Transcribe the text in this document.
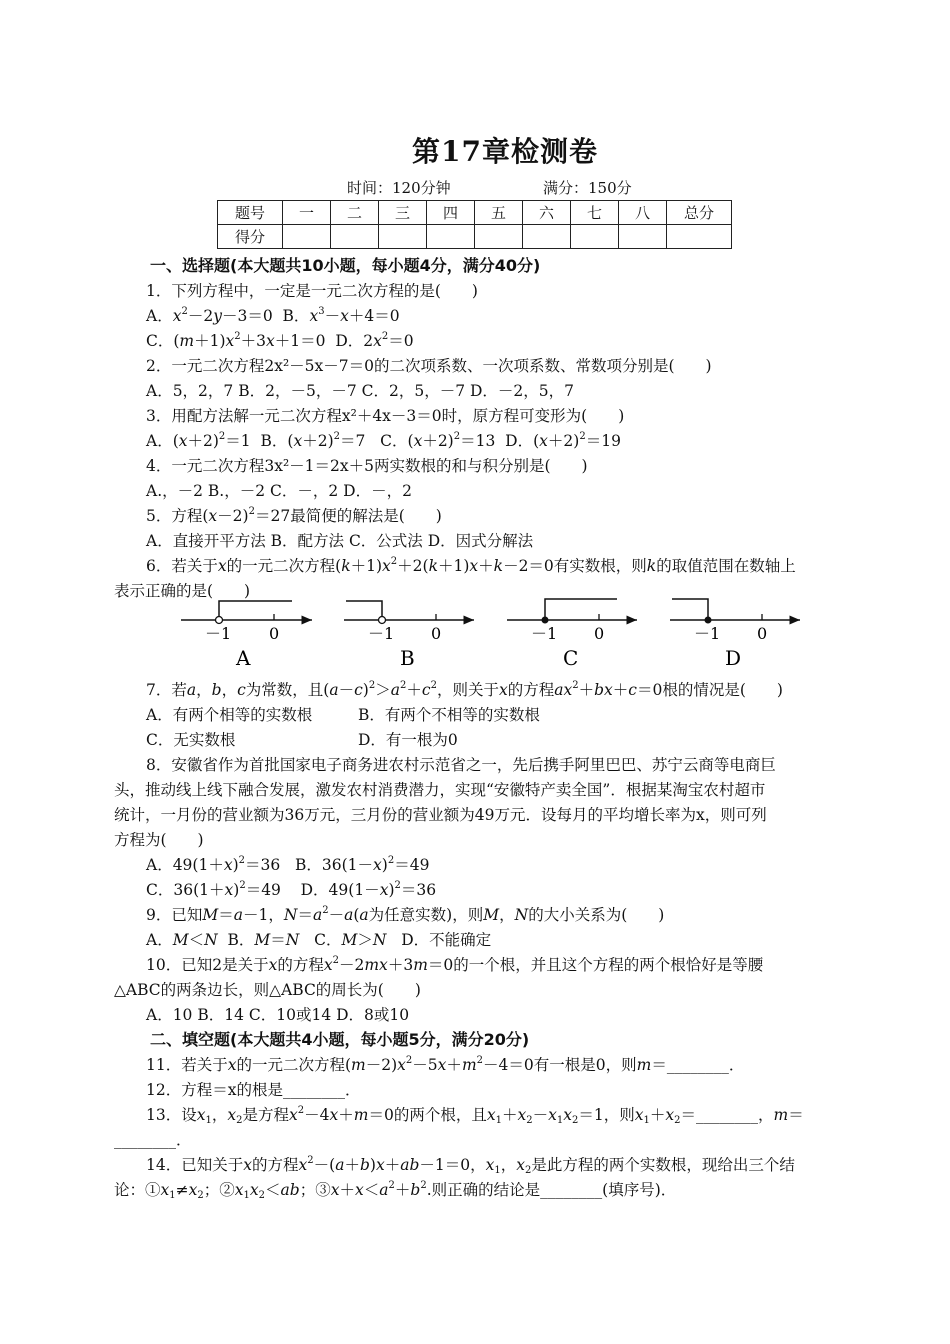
第17章检测卷
时间：120分钟	满分：150分
题号	一	二	三	四	五	六	七	八	总分
得分									
一、选择题(本大题共10小题，每小题4分，满分40分)
1．下列方程中，一定是一元二次方程的是(　　)
A．$x^2-2y-3=0$  B．$x^3-x+4=0$
C．$(m+1)x^2+3x+1=0$  D．$2x^2=0$
2．一元二次方程2x²－5x－7＝0的二次项系数、一次项系数、常数项分别是(　　)
A．5，2，7 B．2，－5，－7 C．2，5，－7 D．－2，5，7
3．用配方法解一元二次方程x²＋4x－3＝0时，原方程可变形为(　　)
A．$(x+2)^2=1$  B．$(x+2)^2=7$   C．$(x+2)^2=13$  D．$(x+2)^2=19$
4．一元二次方程3x²－1＝2x＋5两实数根的和与积分别是(　　)
A.，－2 B.，－2 C．－，2 D．－，2
5．方程$(x-2)^2=27$最简便的解法是(　　)
A．直接开平方法 B．配方法 C．公式法 D．因式分解法
6．若关于x的一元二次方程$(k+1)x^2+2(k+1)x+k-2=0$有实数根，则k的取值范围在数轴上
表示正确的是(　　)
－1 0
A
－1 0
B
－1 0
C
－1 0
D
7．若a，b，c为常数，且$(a-c)^2>a^2+c^2$，则关于x的方程$ax^2+bx+c=0$根的情况是(　　)
A．有两个相等的实数根	B．有两个不相等的实数根
C．无实数根	D．有一根为0
8．安徽省作为首批国家电子商务进农村示范省之一，先后携手阿里巴巴、苏宁云商等电商巨
头，推动线上线下融合发展，激发农村消费潜力，实现“安徽特产卖全国”．根据某淘宝农村超市
统计，一月份的营业额为36万元，三月份的营业额为49万元．设每月的平均增长率为x，则可列
方程为(　　)
A．$49(1+x)^2=36$   B．$36(1-x)^2=49$
C．$36(1+x)^2=49$    D．$49(1-x)^2=36$
9．已知M＝a－1，$N=a^2-a(a$为任意实数)，则M，N的大小关系为(　　)
A．M＜N  B．M＝N   C．M＞N   D．不能确定
10．已知2是关于x的方程$x^2-2mx+3m=0$的一个根，并且这个方程的两个根恰好是等腰
△ABC的两条边长，则△ABC的周长为(　　)
A．10 B．14 C．10或14 D．8或10
二、填空题(本大题共4小题，每小题5分，满分20分)
11．若关于x的一元二次方程$(m-2)x^2-5x+m^2-4=0$有一根是0，则m＝________．
12．方程＝x的根是________．
13．设$x_1$，$x_2$是方程$x^2-4x+m=0$的两个根，且$x_1+x_2-x_1x_2=1$，则$x_1+x_2=\_\_\_\_\_\_\_\_$，m＝
________．
14．已知关于x的方程$x^2-(a+b)x+ab-1=0$，$x_1$，$x_2$是此方程的两个实数根，现给出三个结
论：$①x_1\ne x_2$；$②x_1x_2<ab$；$③x+x<a^2+b^2$.则正确的结论是________(填序号)．
